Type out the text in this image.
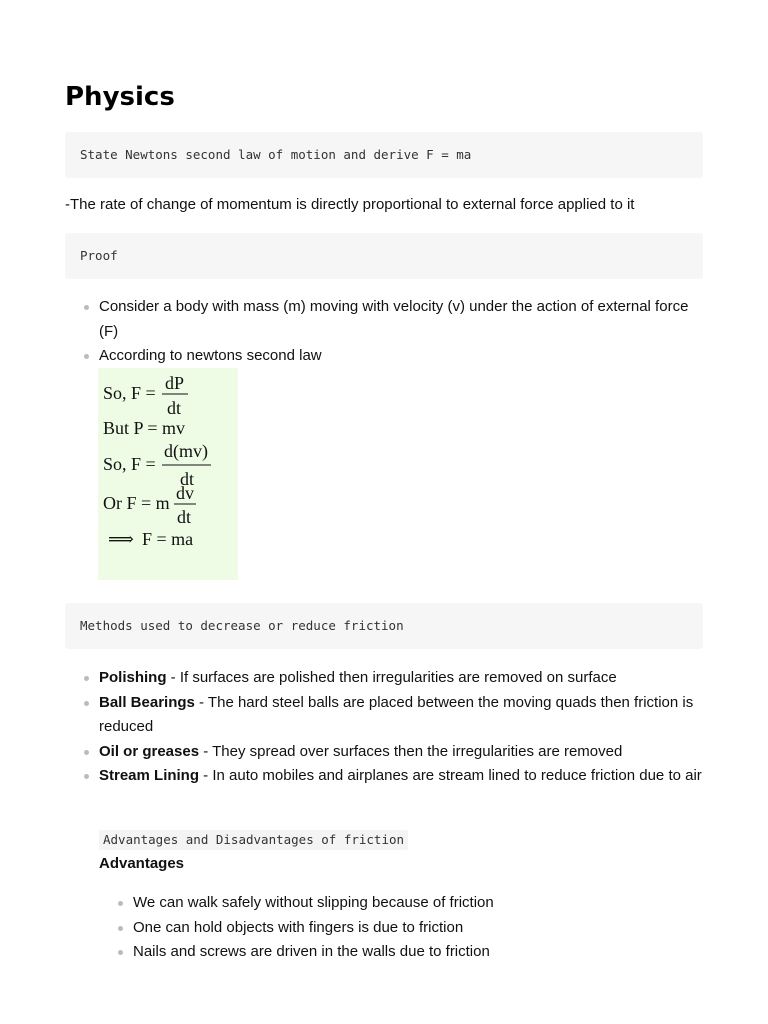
Physics
State Newtons second law of motion and derive F = ma

-The rate of change of momentum is directly proportional to external force applied to it

Proof
Consider a body with mass (m) moving with velocity (v) under the action of external force (F)
According to newtons second law
So, F = dP
dt
But P = mv
So, F =
d(mv)
dt
Or F = m dv
dt
⟹ F = ma
Methods used to decrease or reduce friction
Polishing - If surfaces are polished then irregularities are removed on surface
Ball Bearings - The hard steel balls are placed between the moving quads then friction is reduced
Oil or greases - They spread over surfaces then the irregularities are removed
Stream Lining - In auto mobiles and airplanes are stream lined to reduce friction due to air
Advantages and Disadvantages of friction

Advantages

We can walk safely without slipping because of friction
One can hold objects with fingers is due to friction
Nails and screws are driven in the walls due to friction
